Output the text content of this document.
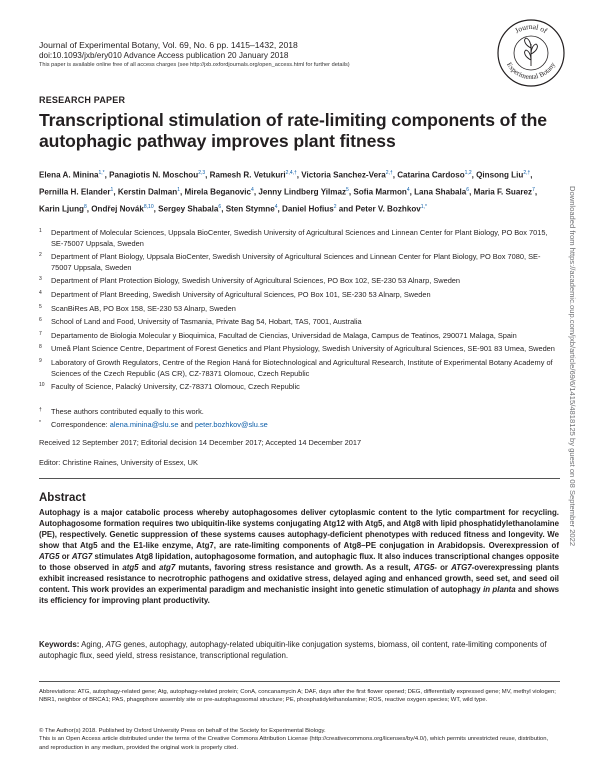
Journal of Experimental Botany, Vol. 69, No. 6 pp. 1415–1432, 2018
doi:10.1093/jxb/ery010 Advance Access publication 20 January 2018
This paper is available online free of all access charges (see http://jxb.oxfordjournals.org/open_access.html for further details)
Journal of
Experimental Botany
RESEARCH PAPER
Transcriptional stimulation of rate-limiting components of the autophagic pathway improves plant fitness
Elena A. Minina$^{1,*}$, Panagiotis N. Moschou$^{2,3}$, Ramesh R. Vetukuri$^{2,4,\dagger}$, Victoria Sanchez-Vera$^{2,\dagger}$, Catarina Cardoso$^{1,2}$, Qinsong Liu$^{2,\dagger}$, Pernilla H. Elander$^1$, Kerstin Dalman$^1$, Mirela Beganovic$^4$, Jenny Lindberg Yilmaz$^5$, Sofia Marmon$^4$, Lana Shabala$^6$, Maria F. Suarez$^7$, Karin Ljung$^8$, Ondřej Novák$^{8,10}$, Sergey Shabala$^6$, Sten Stymne$^4$, Daniel Hofius$^2$ and Peter V. Bozhkov$^{1,*}$
1 Department of Molecular Sciences, Uppsala BioCenter, Swedish University of Agricultural Sciences and Linnean Center for Plant Biology, PO Box 7015, SE-75007 Uppsala, Sweden
2 Department of Plant Biology, Uppsala BioCenter, Swedish University of Agricultural Sciences and Linnean Center for Plant Biology, PO Box 7080, SE-75007 Uppsala, Sweden
3 Department of Plant Protection Biology, Swedish University of Agricultural Sciences, PO Box 102, SE-230 53 Alnarp, Sweden
4 Department of Plant Breeding, Swedish University of Agricultural Sciences, PO Box 101, SE-230 53 Alnarp, Sweden
5 ScanBiRes AB, PO Box 158, SE-230 53 Alnarp, Sweden
6 School of Land and Food, University of Tasmania, Private Bag 54, Hobart, TAS, 7001, Australia
7 Departamento de Biologia Molecular y Bioquimica, Facultad de Ciencias, Universidad de Malaga, Campus de Teatinos, 290071 Malaga, Spain
8 Umeå Plant Science Centre, Department of Forest Genetics and Plant Physiology, Swedish University of Agricultural Sciences, SE-901 83 Umea, Sweden
9 Laboratory of Growth Regulators, Centre of the Region Haná for Biotechnological and Agricultural Research, Institute of Experimental Botany Academy of Sciences of the Czech Republic (AS CR), CZ-78371 Olomouc, Czech Republic
10 Faculty of Science, Palacký University, CZ-78371 Olomouc, Czech Republic
† These authors contributed equally to this work.
* Correspondence: alena.minina@slu.se and peter.bozhkov@slu.se
Received 12 September 2017; Editorial decision 14 December 2017; Accepted 14 December 2017
Editor: Christine Raines, University of Essex, UK
Abstract
Autophagy is a major catabolic process whereby autophagosomes deliver cytoplasmic content to the lytic compartment for recycling. Autophagosome formation requires two ubiquitin-like systems conjugating Atg12 with Atg5, and Atg8 with lipid phosphatidylethanolamine (PE), respectively. Genetic suppression of these systems causes autophagy-deficient phenotypes with reduced fitness and longevity. We show that Atg5 and the E1-like enzyme, Atg7, are rate-limiting components of Atg8–PE conjugation in Arabidopsis. Overexpression of ATG5 or ATG7 stimulates Atg8 lipidation, autophagosome formation, and autophagic flux. It also induces transcriptional changes opposite to those observed in atg5 and atg7 mutants, favoring stress resistance and growth. As a result, ATG5- or ATG7-overexpressing plants exhibit increased resistance to necrotrophic pathogens and oxidative stress, delayed aging and enhanced growth, seed set, and seed oil content. This work provides an experimental paradigm and mechanistic insight into genetic stimulation of autophagy in planta and shows its efficiency for improving plant productivity.
Keywords: Aging, ATG genes, autophagy, autophagy-related ubiquitin-like conjugation systems, biomass, oil content, rate-limiting components of autophagic flux, seed yield, stress resistance, transcriptional regulation.
Abbreviations: ATG, autophagy-related gene; Atg, autophagy-related protein; ConA, concanamycin A; DAF, days after the first flower opened; DEG, differentially expressed gene; MV, methyl viologen; NBR1, neighbor of BRCA1; PAS, phagophore assembly site or pre-autophagosomal structure; PE, phosphatidylethanolamine; ROS, reactive oxygen species; WT, wild type.
© The Author(s) 2018. Published by Oxford University Press on behalf of the Society for Experimental Biology.
This is an Open Access article distributed under the terms of the Creative Commons Attribution License (http://creativecommons.org/licenses/by/4.0/), which permits unrestricted reuse, distribution, and reproduction in any medium, provided the original work is properly cited.
Downloaded from https://academic.oup.com/jxb/article/69/6/1415/4818125 by guest on 08 September 2022
